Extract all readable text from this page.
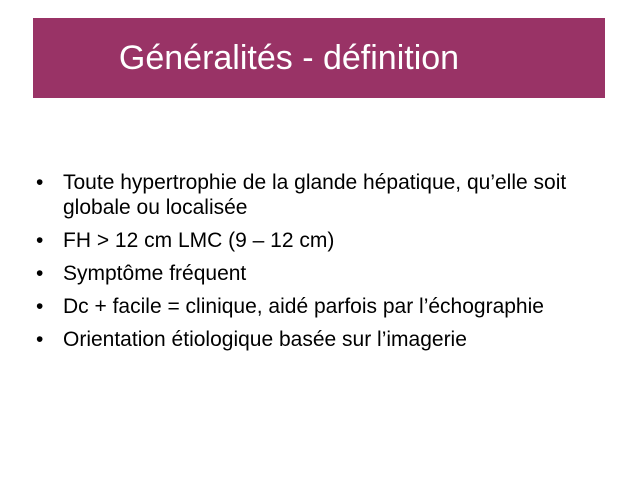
Généralités - définition
• Toute hypertrophie de la glande hépatique, qu’elle soit globale ou localisée
• FH > 12 cm LMC (9 – 12 cm)
• Symptôme fréquent
• Dc + facile = clinique, aidé parfois par l’échographie
• Orientation étiologique basée sur l’imagerie
